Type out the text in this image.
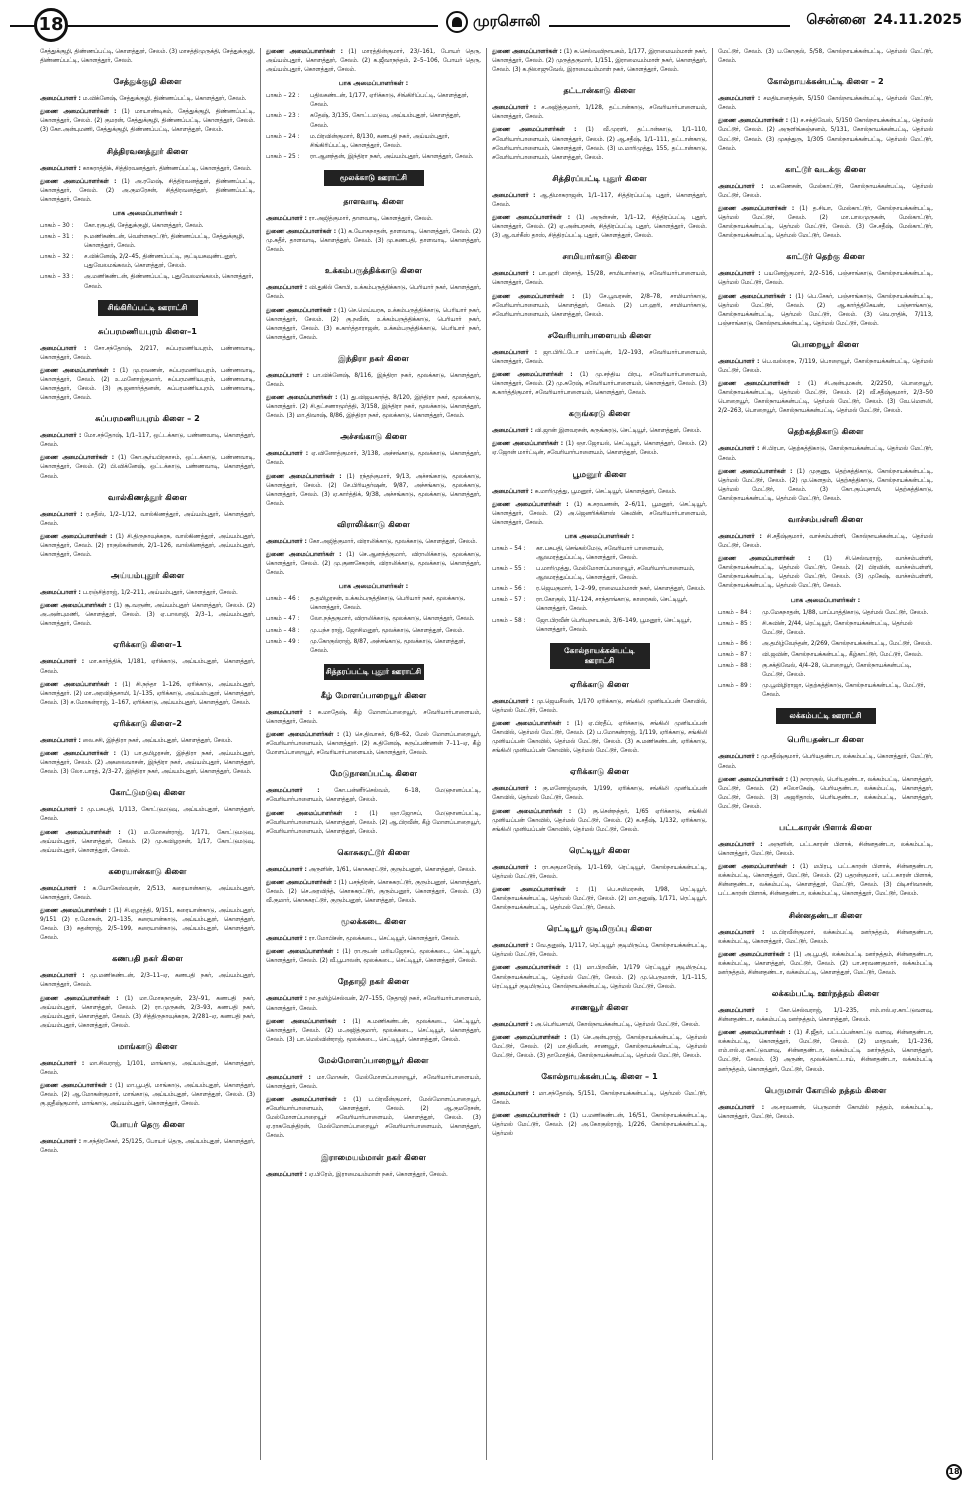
18	முரசொலி	சென்னை 24.11.2025

சேத்துக்குழி, திண்ணப்பட்டி, கொளத்தூர், சேலம். (3) மாசத்திமுருக்தி, சேத்துக்குழி, திண்ணப்பட்டி, கொளத்தூர், சேலம்.

சேத்துக்குழி கிளை

அமைப்பாளர் : ம.விக்னேஷ், சேத்துக்குழி, திண்ணப்பட்டி, கொளத்தூர், சேலம்.

துணை அமைப்பாளர்கள் : (1) மாயாண்டிகம், சேத்துக்குழி, திண்ணப்பட்டி, கொளத்தூர், சேலம். (2) குமரன், சேத்துக்குழி, திண்ணப்பட்டி, கொளத்தூர், சேலம். (3) கோ.அன்புமணி, சேத்துக்குழி, திண்ணப்பட்டி, கொளத்தூர், சேலம்.

சித்திரவனத்தூர் கிளை

அமைப்பாளர் : காசுராத்திக், சித்திரவனத்தூர், திண்ணப்பட்டி, கொளத்தூர், சேலம்.

துணை அமைப்பாளர்கள் : (1) அ.ரமேஷ், சித்திரவனத்தூர், திண்ணப்பட்டி, கொளத்தூர், சேலம். (2) அ.குமரேசன், சித்திரவனத்தூர், திண்ணப்பட்டி, கொளத்தூர், சேலம்.

பாக அமைப்பாளர்கள் :
பாகம் – 30 :	கோ.ரகுபதி, சேத்துக்குழி, கொளத்தூர், சேலம்.
பாகம் – 31 :	ந.மணிகண்டன், வெள்ளகரட்டூர், திண்ணப்பட்டி, சேத்துக்குழி, கொளத்தூர், சேலம்.
பாகம் – 32 :	ச.விக்னேஷ், 2/2–45, திண்ணப்பட்டி, குட்டியகவுண்டனூர், புதுவேலமங்கலம், கொளத்தூர், சேலம்.
பாகம் – 33 :	அ.மணிகண்டன், திண்ணப்பட்டி, புதுவேலமங்கலம், கொளத்தூர், சேலம்.
சிங்கிரிப்பட்டி ஊராட்சி
சுப்பரமணியபுரம் கிளை–1

அமைப்பாளர் : சோ.சந்தோஷ், 2/217, சுப்பரமணியபுரம், பண்ணவாடி, கொளத்தூர், சேலம்.

துணை அமைப்பாளர்கள் : (1) மு.ரவணன், சுப்பரமணியபுரம், பண்ணவாடி, கொளத்தூர், சேலம். (2) உ.மனோஜ்குமார், சுப்பரமணியபுரம், பண்ணவாடி, கொளத்தூர், சேலம். (3) கு.ஜனார்த்தனன், சுப்பரமணியபுரம், பண்ணவாடி, கொளத்தூர், சேலம்.

சுப்பரமணியபுரம் கிளை – 2

அமைப்பாளர் : மோ.சந்தோஷ், 1/1–117, ஒட்டக்காடு, பண்ணவாடி, கொளத்தூர், சேலம்.

துணை அமைப்பாளர்கள் : (1) கோ.சூர்யபிரகாசம், ஒட்டக்காடு, பண்ணவாடி, கொளத்தூர், சேலம். (2) பி.விக்னேஷ், ஒட்டக்காடு, பண்ணவாடி, கொளத்தூர், சேலம்.

வால்கிணத்தூர் கிளை

அமைப்பாளர் : ர.சதீஸ், 1/2–1/12, வால்கிணத்தூர், அய்யம்புதூர், கொளத்தூர், சேலம்.

துணை அமைப்பாளர்கள் : (1) சி.திருநாவுக்கரசு, வால்கிணத்தூர், அய்யம்புதூர், கொளத்தூர், சேலம். (2) ராகுல்கன்னன், 2/1–126, வால்கிணத்தூர், அய்யம்புதூர், கொளத்தூர், சேலம்.

அய்யம்புதூர் கிளை

அமைப்பாளர் : ப.ரஞ்சித்ராஜ், 1/2–211, அய்யம்புதூர், கொளத்தூர், சேலம்.

துணை அமைப்பாளர்கள் : (1) சூ.வருண், அய்யம்புதூர் கொளத்தூர், சேலம். (2) அ.அன்புமணி, கொளத்தூர், சேலம். (3) ஏ.பாலாஜி, 2/3–1, அய்யம்புதூர், கொளத்தூர், சேலம்.

ஏரிக்காடு கிளை–1

அமைப்பாளர் : மா.கார்த்திக், 1/181, ஏரிக்காடு, அய்யம்புதூர், கொளத்தூர், சேலம்.

துணை அமைப்பாளர்கள் : (1) சி.நந்தா 1–126, ஏரிக்காடு, அய்யம்புதூர், கொளத்தூர். (2) மா.அரவிந்தசாமி, 1/–135, ஏரிக்காடு, அய்யம்புதூர், கொளத்தூர், சேலம். (3) ச.மோகன்ராஜ், 1–167, ஏரிக்காடு, அய்யம்புதூர், கொளத்தூர், சேலம்.

ஏரிக்காடு கிளை–2

அமைப்பாளர் : லை.சசி, இந்திரா நகர், அய்யம்புதூர், கொளத்தூர், சேலம்.

துணை அமைப்பாளர்கள் : (1) பா.தமிழரசன், இந்திரா நகர், அய்யம்புதூர், கொளத்தூர், சேலம். (2) அகலைவாசன், இந்திரா நகர், அய்யம்புதூர், கொளத்தூர், சேலம். (3) லோ.பாரத், 2/3–27, இந்திரா நகர், அய்யம்புதூர், கொளத்தூர், சேலம்.

கோட்டுமடுவு கிளை

அமைப்பாளர் : மு.பசுபதி, 1/113, கோட்டுமடுவு, அய்யம்புதூர், கொளத்தூர், சேலம்.

துணை அமைப்பாளர்கள் : (1) ம.மோகன்ராஜ், 1/171, கோட்டுமடுவு, அய்யம்புதூர், கொளத்தூர், சேலம். (2) மு.சுவிழரசன், 1/17, கோட்டுமடுவு, அய்யம்புதூர், கொளத்தூர், சேலம்.

கரையான்காடு கிளை

அமைப்பாளர் : க.யோகேஸ்வரன், 2/513, கரையான்காடு, அய்யம்புதூர், கொளத்தூர், சேலம்.

துணை அமைப்பாளர்கள் : (1) சி.ஏழரத்தி, 9/151, கரையான்காடு, அய்யம்புதூர், 9/151 (2) ர.மோகன், 2/1–135, கரையான்காடு, அய்யம்புதூர், கொளத்தூர், சேலம். (3) சுதன்ராஜ், 2/5–199, கரையான்காடு, அய்யம்புதூர், கொளத்தூர், சேலம்.

கணபதி நகர் கிளை

அமைப்பாளர் : மு.மணிகண்டன், 2/3–11–ஏ, கணபதி நகர், அய்யம்புதூர், கொளத்தூர், சேலம்.

துணை அமைப்பாளர்கள் : (1) மா.மோகநாதன், 23/–91, கணபதி நகர், அய்யம்புதூர், கொளத்தூர், சேலம். (2) ரா.முருகன், 2/3–93, கணபதி நகர், அய்யம்புதூர், கொளத்தூர், சேலம். (3) சித்திருநாவுக்கரசு, 2/281–ஏ, கணபதி நகர், அய்யம்புதூர், கொளத்தூர், சேலம்.

மாங்காடு கிளை

அமைப்பாளர் : மா.சிவராஜ், 1/101, மாங்காடு, அய்யம்புதூர், கொளத்தூர், சேலம்.

துணை அமைப்பாளர்கள் : (1) மா.பூபதி, மாங்காடு, அய்யம்புதூர், கொளத்தூர், சேலம். (2) ஆ.மோகன்குமார், மாங்காடு, அய்யம்புதூர், கொளத்தூர், சேலம். (3) கு.ஜதீஷ்குமார், மாங்காடு, அய்யம்புதூர், கொளத்தூர், சேலம்.

போயர் தெரு கிளை

அமைப்பாளர் : ஈ.சந்திரசேகர், 25/125, போயர் தெரு, அய்யம்புதூர், கொளத்தூர், சேலம்.

துணை அமைப்பாளர்கள் : (1) மாரத்தின்குமார், 23/–161, போயர் தெரு, அய்யம்புதூர், கொளத்தூர், சேலம். (2) க.ஜீவாநந்தம், 2–5–106, போயர் தெரு, அய்யம்புதூர், கொளத்தூர், சேலம்.

பாக அமைப்பாளர்கள் :
பாகம் – 22 :	பதிலகண்டன், 1/177, ஏரிக்காடு, சிங்கிரிப்பட்டி, கொளத்தூர், சேலம்.
பாகம் – 23 :	கதேஷ், 3/135, கோட்டமடுவு, அய்யம்புதூர், கொளத்தூர், சேலம்.
பாகம் – 24 :	ம.பிரவின்குமார், 8/130, கணபதி நகர், அய்யம்புதூர், சிங்கிரிப்பட்டி, கொளத்தூர், சேலம்.
பாகம் – 25 :	ரா.ஆனந்தன், இந்திரா நகர், அய்யம்புதூர், கொளத்தூர், சேலம்.
மூலக்காடு ஊராட்சி
தாளவாடி கிளை

அமைப்பாளர் : ரா.அஜித்குமார், தாளவாடி, கொளத்தூர், சேலம்.

துணை அமைப்பாளர்கள் : (1) க.யோகநாதன், தாளவாடி, கொளத்தூர், சேலம். (2) மு.கதீர், தாளவாடி, கொளத்தூர், சேலம். (3) மு.கணபதி, தாளவாடி, கொளத்தூர், சேலம்.

உக்கம்பருத்திக்காடு கிளை

அமைப்பாளர் : வி.துகில் கோபி, உக்கம்பருத்திக்காடு, பெரியார் நகர், கொளத்தூர், சேலம்.

துணை அமைப்பாளர்கள் : (1) செ.மெய்யரசு, உக்கம்பருத்திக்காடு, பெரியார் நகர், கொளத்தூர், சேலம். (2) கு.நவீன், உக்கம்பருத்திக்காடு, பெரியார் நகர், கொளத்தூர், சேலம். (3) க.கார்த்தாராஜன், உக்கம்பருத்திக்காடு, பெரியார் நகர், கொளத்தூர், சேலம்.

இந்திரா நகர் கிளை

அமைப்பாளர் : பா.விக்னேஷ், 8/116, இந்திரா நகர், மூலக்காடு, கொளத்தூர், சேலம்.

துணை அமைப்பாளர்கள் : (1) து.விஜயகாந்த், 8/120, இந்திரா நகர், மூலக்காடு, கொளத்தூர். (2) சி.தட்சணாமூர்த்தி, 3/158, இந்திரா நகர், மூலக்காடு, கொளத்தூர், சேலம். (3) மா.திவாஷ், 8/86, இந்திரா நகர், மூலக்காடு, கொளத்தூர், சேலம்.

அச்சங்காடு கிளை

அமைப்பாளர் : ஏ.வினோத்குமார், 3/138, அச்சங்காடு, மூலக்காடு, கொளத்தூர், சேலம்.

துணை அமைப்பாளர்கள் : (1) ரந்தந்குமார், 9/13, அச்சங்காடு, மூலக்காடு, கொளத்தூர், சேலம். (2) சே.பிரியதர்ஷன், 9/87, அச்சங்காடு, மூலக்காடு, கொளத்தூர், சேலம். (3) ஏ.கார்த்திக், 9/38, அச்சங்காடு, மூலக்காடு, கொளத்தூர், சேலம்.

விராலிக்காடு கிளை

அமைப்பாளர் : கோ.அஜித்குமார், விராலிக்காடு, மூலக்காடு, கொளத்தூர், சேலம்.

துணை அமைப்பாளர்கள் : (1) செ.ஆனந்த்குமார், விராலிக்காடு, மூலக்காடு, கொளத்தூர், சேலம். (2) மு.குணசேகரன், விராலிக்காடு, மூலக்காடு, கொளத்தூர், சேலம்.

பாக அமைப்பாளர்கள் :
பாகம் – 46 :	த.தமிழரசன், உக்கம்பருத்திகாடு, பெரியார் நகர், மூலக்காடு, கொளத்தூர், சேலம்.
பாகம் – 47 :	லோ.நந்தகுமார், விராலிக்காடு, மூலக்காடு, கொளத்தூர், சேலம்.
பாகம் – 48 :	மு.பந்ச ராஜ், ஜோசிமனூர், மூலக்காடு, கொளத்தூர், சேலம்.
பாகம் – 49 :	மு.கோகுல்ராஜ், 8/87, அச்சங்காடு, மூலக்காடு, கொளத்தூர், சேலம்.
சித்தரப்பட்டி புதூர் ஊராட்சி
கீழ் மோளப்பாறையூர் கிளை

அமைப்பாளர் : க.மாதேஷ், கீழ் மோளப்பாறையூர், சவேரியார்பாளையம், கொளத்தூர், சேலம்.

துணை அமைப்பாளர்கள் : (1) செ.திவாகர், 6/8–62, மேல் மோளப்பாறையூர், சவேரியார்பாளையம், கொளத்தூர். (2) க.தினேஷ், கருப்பண்ணன் 7–11–ஏ, கீழ் மோளப்பாறையூர், சவேரியார்பாளையம், கொளத்தூர், சேலம்.

மேடுநானப்பட்டி கிளை

அமைப்பாளர் :	கோ.பன்னீர்செல்வம், 6–18, மேடுநானப்பட்டி, சவேரியார்பாளையம், கொளத்தூர், சேலம்.

துணை அமைப்பாளர்கள் : (1) ஞா.ஜோசப், மேடுநானப்பட்டி, சவேரியார்பாளையம், கொளத்தூர், சேலம். (2) ஆ.பிரவீன், கீழ் மோளப்பாறையூர், சவேரியார்பாளையம், கொளத்தூர், சேலம்.

கொசுகரட்டூர் கிளை

அமைப்பாளர் : அருளின், 1/61, கொசுகரட்டூர், குரும்பனூர், கொளத்தூர், சேலம்.

துணை அமைப்பாளர்கள் : (1) பசந்திரன், கொசுகரட்டூர், குரும்பனூர், கொளத்தூர், சேலம். (2) செ.அரவிந்த், கொசுகரட்டூர், குரும்பனூர், கொளத்தூர், சேலம். (3) வீ.குமார், கொசுகரட்டூர், குரும்பனூர், கொளத்தூர், சேலம்.

மூலக்கடை கிளை

அமைப்பாளர் : ரா.மோபிசன், மூலக்கடை, செட்டியூர், கொளத்தூர், சேலம்.

துணை அமைப்பாளர்கள் : (1) ரா.ரூபன் மரியஜோசப், மூலக்கடை, செட்டியூர், கொளத்தூர், சேலம். (2) வீ.பூபாலன், மூலக்கடை, செட்டியூர், கொளத்தூர், சேலம்.

நேதாஜி நகர் கிளை

அமைப்பாளர் : நா.தமிழ்செல்வன், 2/7–155, நேதாஜி நகர், சவேரியார்பாளையம், கொளத்தூர், சேலம்.

துணை அமைப்பாளர்கள் : (1) க.மணிகண்டன், மூலக்கடை, செட்டியூர், கொளத்தூர், சேலம். (2) ம.அஜித்குமார், மூலக்கடை, செட்டியூர், கொளத்தூர், சேலம். (3) பா.மெல்வின்ராஜ், மூலக்கடை, செட்டியூர், கொளத்தூர், சேலம்.

மேல்மோளப்பாறையூர் கிளை

அமைப்பாளர் : மா.மோகன், மேல்மோளப்பாறையூர், சவேரியார்பாளையம், கொளத்தூர், சேலம்.

துணை அமைப்பாளர்கள் : (1) ப.பிரவீன்குமார், மேல்மோளப்பாறையூர், சவேரியார்பாளையம், கொளத்தூர், சேலம். (2) ஆ.குமரேசன், மேல்மோளப்பாறையூர் சவேரியார்பாளையம், கொளத்தூர், சேலம். (3) ஏ.ராகவேந்திரன், மேல்மோளப்பாறையூர் சவேரியார்பாளையம், கொளத்தூர், சேலம்.

இராமையம்மாள் நகர் கிளை

அமைப்பாளர் : ஏ.பிரேம், இராமையம்மாள் நகர், கொளத்தூர், சேலம்.

துணை அமைப்பாளர்கள் : (1) க.செல்வவிநாயகம், 1/177, இராமையம்மாள் நகர், கொளத்தூர், சேலம். (2) முருத்தகுமார், 1/151, இராமையம்மாள் நகர், கொளத்தூர், சேலம். (3) க.நிலாஜுவேல், இராமையம்மாள் நகர், கொளத்தூர், சேலம்.

தட்டான்காடு கிளை

அமைப்பாளர் : ச.அஜித்குமார், 1/128, தட்டான்காடு, சவேரியார்பாளையம், கொளத்தூர், சேலம்.

துணை அமைப்பாளர்கள் : (1) வீ.முரளி, தட்டான்காடு, 1/1–110, சவேரியார்பாளையம், கொளத்தூர், சேலம். (2) ஆ.சதீஷ், 1/1–111, தட்டான்காடு, சவேரியார்பாளையம், கொளத்தூர், சேலம். (3) ம.மாரிமுத்து, 155, தட்டான்காடு, சவேரியார்பாளையம், கொளத்தூர், சேலம்.

சித்திரப்பட்டி புதூர் கிளை

அமைப்பாளர் : ஆ.திமாகராஜன், 1/1–117, சித்திரப்பட்டி புதூர், கொளத்தூர், சேலம்.

துணை அமைப்பாளர்கள் : (1) அருள்சன், 1/1–12, சித்திரப்பட்டி புதூர், கொளத்தூர், சேலம். (2) ஏ.அன்பரசன், சித்திரப்பட்டி புதூர், கொளத்தூர், சேலம். (3) ஆ.வர்கீஸ் தாஸ், சித்திரப்பட்டி புதூர், கொளத்தூர், சேலம்.

சாமியார்காடு கிளை

அமைப்பாளர் : பா.ஹரி பிரசாத், 15/28, சாமியார்காடு, சவேரியார்பாளையம், கொளத்தூர், சேலம்.

துணை அமைப்பாளர்கள் : (1) சே.பூவரசன், 2/8–78, சாமியார்காடு, சவேரியார்பாளையம், கொளத்தூர், சேலம். (2) பா.ஹரி, சாமியார்காடு, சவேரியார்பாளையம், கொளத்தூர், சேலம்.

சவேரியார்பாளையம் கிளை

அமைப்பாளர் : ஜா.பிரிட்டோ மார்ட்டின், 1/2–193, சவேரியார்பாளையம், கொளத்தூர், சேலம்.

துணை அமைப்பாளர்கள் : (1) மு.சந்திய பிரபு, சவேரியார்பாளையம், கொளத்தூர், சேலம். (2) மு.சுரேஷ், சவேரியார்பாளையம், கொளத்தூர், சேலம். (3) க.கார்த்திகுமார், சவேரியார்பாளையம், கொளத்தூர், சேலம்.

கருங்கரடு கிளை

அமைப்பாளர் : வி.ஜான் இளவரசன், கருங்கரடு, செட்டியூர், கொளத்தூர், சேலம்.

துணை அமைப்பாளர்கள் : (1) ஞா.ஜோயல், செட்டியூர், கொளத்தூர், சேலம். (2) ஏ.ஜோன் மார்ட்டின், சவேரியார்பாளையம், கொளத்தூர், சேலம்.

பூமனூர் கிளை

அமைப்பாளர் : க.மாரிமுத்து, பூமனூர், செட்டியூர், கொளத்தூர், சேலம்.

துணை அமைப்பாளர்கள் : (1) க.சரவணன், 2–6/11, பூமனூர், செட்டியூர், கொளத்தூர், சேலம். (2) அ.ஜெனரிக்கிளஸ் கெவின், சவேரியார்பாளையம், கொளத்தூர், சேலம்.

பாக அமைப்பாளர்கள் :
பாகம் – 54 :	கா.பசுபதி, செங்கல்மேடு, சவேரியார் பாளையம், ஆலமரத்துப்பட்டி, கொளத்தூர், சேலம்.
பாகம் – 55 :	ப.மாரிமுத்து, மேல்மோளப்பாறையூர், சவேரியார்பாளையம், ஆலமரத்துப்பட்டி, கொளத்தூர், சேலம்.
பாகம் – 56 :	ர.ஜெயகுமார், 1–2–99, ராமையம்மாள் நகர், கொளத்தூர், சேலம்.
பாகம் – 57 :	ரா.கோகுல், 11/–124, சாந்தாங்காடு, காரைகல், செட்டியூர், கொளத்தூர், சேலம்.
பாகம் – 58 :	ஜோ.பிரவீன் பெரியநாயகம், 3/6–149, பூமனூர், செட்டியூர், கொளத்தூர், சேலம்.
கோல்நாயக்கன்பட்டி ஊராட்சி
ஏரிக்காடு கிளை

அமைப்பாளர் : மு.ஜெயசீலன், 1/170 ஏரிக்காடு, சங்கிலி முனியப்பன் கோவில், தெர்மல் மேட்டூர், சேலம்.

துணை அமைப்பாளர்கள் : (1) ஏ.பிரதீப், ஏரிக்காடு, சங்கிலி முனியப்பன் கோவில், தெர்மல் மேட்டூர், சேலம். (2) ப.மோகன்ராஜ், 1/119, ஏரிக்காடு, சங்கிலி முனியப்பன் கோவில், தெர்மல் மேட்டூர், சேலம். (3) சு.மணிகண்டன், ஏரிக்காடு, சங்கிலி முனியப்பன் கோவில், தெர்மல் மேட்டூர், சேலம்.

ஏரிக்காடு கிளை

அமைப்பாளர் : கு.மனோஜ்வரன், 1/199, ஏரிக்காடு, சங்கிலி முனியப்பன் கோவில், தெர்மல் மேட்டூர், சேலம்.

துணை அமைப்பாளர்கள் : (1) கு.சென்நந்தர், 1/65 ஏரிக்காடு, சங்கிலி முனியப்பன் கோவில், தெர்மல் மேட்டூர், சேலம். (2) க.சதீஷ், 1/132, ஏரிக்காடு, சங்கிலி முனியப்பன் கோவில், தெர்மல் மேட்டூர், சேலம்.

ரெட்டியூர் கிளை

அமைப்பாளர் : ரா.சுகுமாரேஷ், 1/1–169, ரெட்டியூர், கோல்நாயக்கன்பட்டி, தெர்மல் மேட்டூர், சேலம்.

துணை அமைப்பாளர்கள் : (1) பெ.சமிமரசன், 1/98, ரெட்டியூர், கோல்நாயக்கன்பட்டி, தெர்மல் மேட்டூர், சேலம். (2) மா.தனுஷ், 1/171, ரெட்டியூர், கோல்நாயக்கன்பட்டி, தெர்மல் மேட்டூர், சேலம்.

ரெட்டியூர் குடிமிருப்பு கிளை

அமைப்பாளர் : வே.தனுஷ், 1/117, ரெட்டியூர் குடிமிருப்பு, கோல்நாயக்கன்பட்டி, தெர்மல் மேட்டூர், சேலம்.

துணை அமைப்பாளர்கள் : (1) மா.பிறவீன், 1/179 ரெட்டியூர் குடிமிருப்பு, கோல்நாயக்கன்பட்டி, தெர்மல் மேட்டூர், சேலம். (2) மு.பெருமாள், 1/1–115, ரெட்டியூர் குடிமிருப்பு, கோல்நாயக்கன்பட்டி, தெர்மல் மேட்டூர், சேலம்.

சாணவூர் கிளை

அமைப்பாளர் : அ.பெரியசாமி, கோல்நாயக்கன்பட்டி, தெர்மல் மேட்டூர், சேலம்.

துணை அமைப்பாளர்கள் : (1) செ.அன்புராஜ், கோல்நாயக்கன்பட்டி, தெர்மல் மேட்டூர், சேலம். (2) மா.திலீபன், சாணவூர், கோல்நாயக்கன்பட்டி, தெர்மல் மேட்டூர், சேலம். (3) தாமோதிக், கோல்நாயக்கன்பட்டி, தெர்மல் மேட்டூர், சேலம்.

கோல்நாயக்கன்பட்டி கிளை – 1

அமைப்பாளர் : மா.சந்தோஷ், 5/151, கோல்நாயக்கன்பட்டி, தெர்மல் மேட்டூர், சேலம்.

துணை அமைப்பாளர்கள் : (1) ப.மணிகண்டன், 16/51, கோல்நாயக்கன்பட்டி, தெர்மல் மேட்டூர், சேலம். (2) அ.கோகுல்ராஜ், 1/226, கோல்நாயக்கன்பட்டி, தெர்மல்

மேட்டூர், சேலம். (3) ப.கோகுல், 5/58, கோல்நாயக்கன்பட்டி, தெர்மல் மேட்டூர், சேலம்.

கோல்நாயக்கன்பட்டி கிளை – 2

அமைப்பாளர் : சமதியானந்தன், 5/150 கோல்நாயக்கன்பட்டி, தெர்மல் மேட்டூர், சேலம்.

துணை அமைப்பாளர்கள் : (1) ச.சக்திவேல், 5/150 கோல்நாயக்கன்பட்டி, தெர்மல் மேட்டூர், சேலம். (2) அருளிங்கஞ்சனம், 5/131, கோல்நாயக்கன்பட்டி, தெர்மல் மேட்டூர், சேலம். (3) முகந்துரு, 1/305 கோல்நாயக்கன்பட்டி, தெர்மல் மேட்டூர், சேலம்.

காட்டூர் வடக்கு கிளை

அமைப்பாளர் : ம.கணேசன், மேல்காட்டூர், கோல்நாயக்கன்பட்டி, தெர்மல் மேட்டூர், சேலம்.

துணை அமைப்பாளர்கள் : (1) த.சியா, மேல்காட்டூர், கோல்நாயக்கன்பட்டி, தெர்மல் மேட்டூர், சேலம். (2) மா.பாலமுருகன், மேல்காட்டூர், கோல்நாயக்கன்பட்டி, தெர்மல் மேட்டூர், சேலம். (3) சே.சதீஷ், மேல்காட்டூர், கோல்நாயக்கன்பட்டி, தெர்மல் மேட்டூர், சேலம்.

காட்டூர் தெற்கு கிளை

அமைப்பாளர் : பயனேஜ்குமார், 2/2–516, பஞ்சாங்காடு, கோல்நாயக்கன்பட்டி, தெர்மல் மேட்டூர், சேலம்.

துணை அமைப்பாளர்கள் : (1) பெ.சேகர், பஞ்சாங்காடு, கோல்நாயக்கன்பட்டி, தெர்மல் மேட்டூர், சேலம். (2) ஆ.கார்த்திகேயன், பஞ்சாங்காடு, கோல்நாயக்கன்பட்டி, தெர்மல் மேட்டூர், சேலம். (3) வெ.ராதிக், 7/113, பஞ்சாங்காடு, கோல்நாயக்கன்பட்டி, தெர்மல் மேட்டூர், சேலம்.

பொறையூர் கிளை

அமைப்பாளர் : பெ.வல்லரசு, 7/119, பொறையூர், கோல்நாயக்கன்பட்டி, தெர்மல் மேட்டூர், சேலம்.

துணை அமைப்பாளர்கள் : (1) சி.அன்புமகன், 2/2250, பொறையூர், கோல்நாயக்கன்பட்டி, தெர்மல் மேட்டூர், சேலம். (2) வீ.சதீஷ்குமார், 2/3–50 பொறையூர், கோல்நாயக்கன்பட்டி, தெர்மல் மேட்டூர், சேலம். (3) வே.மௌலி, 2/2–263, பொறையூர், கோல்நாயக்கன்பட்டி, தெர்மல் மேட்டூர், சேலம்.

தெற்கத்திகாடு கிளை

அமைப்பாளர் : சி.பிரபா, தெற்கத்திகாடு, கோல்நாயக்கன்பட்டி, தெர்மல் மேட்டூர், சேலம்.

துணை அமைப்பாளர்கள் : (1) முகுணு, தெற்கத்திகாடு, கோல்நாயக்கன்பட்டி, தெர்மல் மேட்டூர், சேலம். (2) மு.கௌதம், தெற்கத்திகாடு, கோல்நாயக்கன்பட்டி, தெர்மல் மேட்டூர், சேலம். (3) கோ.குப்புசாமி, தெற்கத்திகாடு, கோல்நாயக்கன்பட்டி, தெர்மல் மேட்டூர், சேலம்.

வாச்சம்பள்ளி கிளை

அமைப்பாளர் : சி.சதீஷ்குமார், வாச்சம்பள்ளி, கோல்நாயக்கன்பட்டி, தெர்மல் மேட்டூர், சேலம்.

துணை அமைப்பாளர்கள் : (1) சி.செல்வராஜ், வாச்சம்பள்ளி, கோல்நாயக்கன்பட்டி, தெர்மல் மேட்டூர், சேலம். (2) பிரவின், வாச்சம்பள்ளி, கோல்நாயக்கன்பட்டி, தெர்மல் மேட்டூர், சேலம். (3) முகேஷ், வாச்சம்பள்ளி, கோல்நாயக்கன்பட்டி, தெர்மல் மேட்டூர், சேலம்.

பாக அமைப்பாளர்கள் :
பாகம் – 84 :	மு.மேகநாதன், 1/88, பாப்பாத்திகாடு, தெர்மல் மேட்டூர், சேலம்.
பாகம் – 85 :	சி.சுவின், 2/44, ரெட்டியூர், கோல்நாயக்கன்பட்டி, தெர்மல் மேட்டூர், சேலம்.
பாகம் – 86 :	அ.தமிழ்வேந்தன், 2/269, கோல்நாயக்கன்பட்டி, மேட்டூர், சேலம்.
பாகம் – 87 :	வி.ஜவின், கோல்நாயக்கன்பட்டி, கீழ்காட்டூர், மேட்டூர், சேலம்.
பாகம் – 88 :	கு.சக்திவேல், 4/4–28, பொறையூர், கோல்நாயக்கன்பட்டி, மேட்டூர், சேலம்.
பாகம் – 89 :	மு.பூவிழிராஜா, தெற்கத்திகாடு, கோல்நாயக்கன்பட்டி, மேட்டூர், சேலம்.
லக்கம்பட்டி ஊராட்சி
பெரியதண்டா கிளை

அமைப்பாளர் : மு.சதீஷ்குமார், பெரியதண்டா, லக்கம்பட்டி, கொளத்தூர், மேட்டூர், சேலம்.

துணை அமைப்பாளர்கள் : (1) நாராகுல், பெரியதண்டா, லக்கம்பட்டி, கொளத்தூர், மேட்டூர், சேலம். (2) சலோகேஷ், பெரியதண்டா, லக்கம்பட்டி, கொளத்தூர், மேட்டூர், சேலம். (3) அஜரிதாஸ், பெரியதண்டா, லக்கம்பட்டி, கொளத்தூர், மேட்டூர், சேலம்.

பட்டகாரன் பிளாக் கிளை

அமைப்பாளர் : அருளின், பட்டகாரன் பிளாக், சின்னதண்டா, லக்கம்பட்டி, கொளத்தூர், மேட்டூர், சேலம்.

துணை அமைப்பாளர்கள் : (1) மபிரபு, பட்டகாரன் பிளாக், சின்னதண்டா, லக்கம்பட்டி, கொளத்தூர், மேட்டூர், சேலம். (2) பதரன்குமார், பட்டகாரன் பிளாக், சின்னதண்டா, லக்கம்பட்டி, கொளத்தூர், மேட்டூர், சேலம். (3) பிடிசரிவாசன், பட்டகாரன் பிளாக், சின்னதண்டா, லக்கம்பட்டி, கொளத்தூர், மேட்டூர், சேலம்.

சின்னதண்டா கிளை

அமைப்பாளர் : ம.பிரவீன்குமார், லக்கம்பட்டி ஊர்நத்தம், சின்னதண்டா, லக்கம்பட்டி, கொளத்தூர், மேட்டூர், சேலம்.

துணை அமைப்பாளர்கள் : (1) அ.பூபதி, லக்கம்பட்டி ஊர்நத்தம், சின்னதண்டா, லக்கம்பட்டி, கொளத்தூர், மேட்டூர், சேலம். (2) பா.சரவணகுமார், லக்கம்பட்டி ஊர்நத்தம், சின்னதண்டா, லக்கம்பட்டி, கொளத்தூர், மேட்டூர், சேலம்.

லக்கம்பட்டி ஊர்நத்தம் கிளை

அமைப்பாளர் : கோ.செல்வராஜ், 1/1–235, எம்.எல்.ஏ.காட்டுவளவு, சின்னதண்டா, லக்கம்பட்டி ஊர்நத்தம், கொளத்தூர், சேலம்.

துணை அமைப்பாளர்கள் : (1) சீ.ஜீதர், பட்டப்பன்காட்டு வளவு, சின்னதண்டா, லக்கம்பட்டி, கொளத்தூர், மேட்டூர், சேலம். (2) மாதவன், 1/1–236, எம்.எல்.ஏ.காட்டுவளவு, சின்னதண்டா, லக்கம்பட்டி ஊர்நத்தம், கொளத்தூர், மேட்டூர், சேலம். (3) அருண், மூலக்கொட்டாய், சின்னதண்டா, லக்கம்பட்டி ஊர்நத்தம், கொளத்தூர், மேட்டூர், சேலம்.

பெருமாள் கோயில் நத்தம் கிளை

அமைப்பாளர் : அ.சரவணன், பெருமாள் கோயில் நத்தம், லக்கம்பட்டி, கொளத்தூர், மேட்டூர், சேலம்.

18
